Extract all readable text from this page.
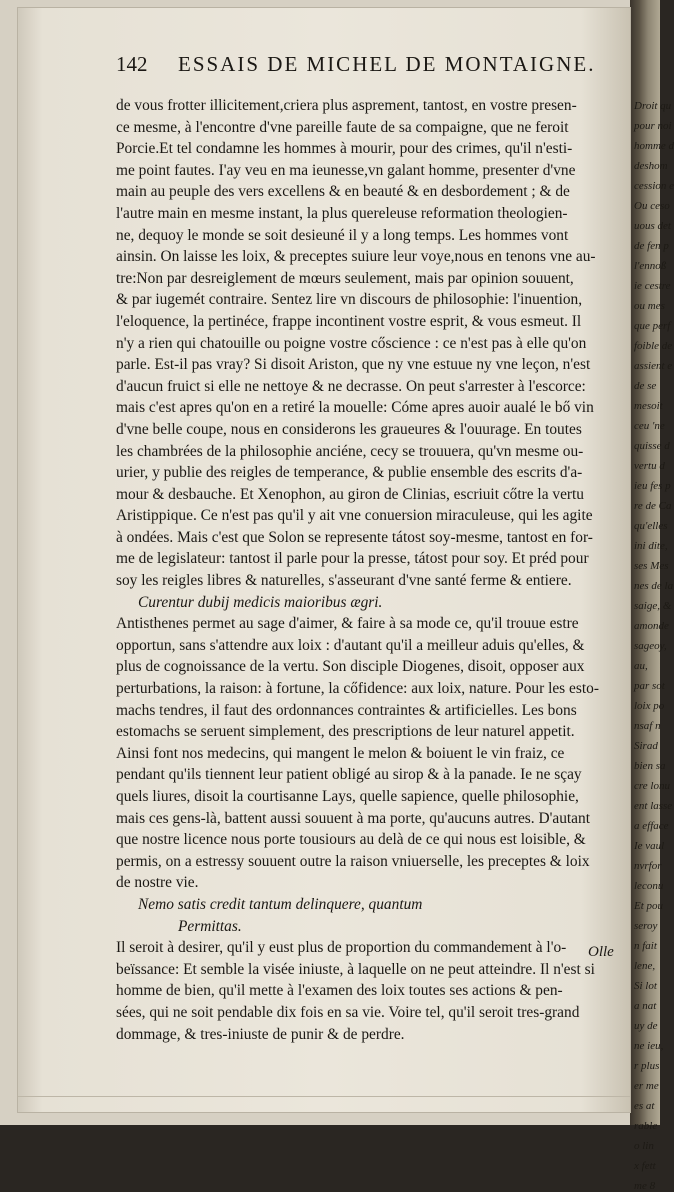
Droit qu
pour noi
homme d
deshom
cession e
Ou ceso
uous det
de fen p
l'ennoß
ie cestre
ou mes
que perf
foible de
assient e
de se
mesoit
ceu 'ne
quisse d
vertu d
ieu fes p
re de Ca
qu'elles
ini dite,
ses Mes
nes de la
saige, &
amonde
sageoy,
au,
par sot
loix po
nsaf n
Sirad
bien sa
cre lonu
ent lasse
a efface
Ie vaul
nvrfor
leconu
Et pou
seroy
n fait
lene,
Si lot
a nat
uy de
ne ieu,
r plus
er me
es at
rable
o lin
x fett
me 8
142 ESSAIS DE MICHEL DE MONTAIGNE.
de vous frotter illicitement,criera plus asprement, tantost, en vostre presen-
ce mesme, à l'encontre d'vne pareille faute de sa compaigne, que ne feroit
Porcie.Et tel condamne les hommes à mourir, pour des crimes, qu'il n'esti-
me point fautes. I'ay veu en ma ieunesse,vn galant homme, presenter d'vne
main au peuple des vers excellens & en beauté & en desbordement ; & de
l'autre main en mesme instant, la plus quereleuse reformation theologien-
ne, dequoy le monde se soit desieuné il y a long temps. Les hommes vont
ainsin. On laisse les loix, & preceptes suiure leur voye,nous en tenons vne au-
tre:Non par desreiglement de mœurs seulement, mais par opinion souuent,
& par iugemét contraire. Sentez lire vn discours de philosophie: l'inuention,
l'eloquence, la pertinéce, frappe incontinent vostre esprit, & vous esmeut. Il
n'y a rien qui chatouille ou poigne vostre cőscience : ce n'est pas à elle qu'on
parle. Est-il pas vray? Si disoit Ariston, que ny vne estuue ny vne leçon, n'est
d'aucun fruict si elle ne nettoye & ne decrasse. On peut s'arrester à l'escorce:
mais c'est apres qu'on en a retiré la mouelle: Cóme apres auoir aualé le bő vin
d'vne belle coupe, nous en considerons les graueures & l'ouurage. En toutes
les chambrées de la philosophie anciéne, cecy se trouuera, qu'vn mesme ou-
urier, y publie des reigles de temperance, & publie ensemble des escrits d'a-
mour & desbauche. Et Xenophon, au giron de Clinias, escriuit cőtre la vertu
Aristippique. Ce n'est pas qu'il y ait vne conuersion miraculeuse, qui les agite
à ondées. Mais c'est que Solon se represente tátost soy-mesme, tantost en for-
me de legislateur: tantost il parle pour la presse, tátost pour soy. Et préd pour
soy les reigles libres & naturelles, s'asseurant d'vne santé ferme & entiere.
Curentur dubij medicis maioribus ægri.
Antisthenes permet au sage d'aimer, & faire à sa mode ce, qu'il trouue estre
opportun, sans s'attendre aux loix : d'autant qu'il a meilleur aduis qu'elles, &
plus de cognoissance de la vertu. Son disciple Diogenes, disoit, opposer aux
perturbations, la raison: à fortune, la cőfidence: aux loix, nature. Pour les esto-
machs tendres, il faut des ordonnances contraintes & artificielles. Les bons
estomachs se seruent simplement, des prescriptions de leur naturel appetit.
Ainsi font nos medecins, qui mangent le melon & boiuent le vin fraiz, ce
pendant qu'ils tiennent leur patient obligé au sirop & à la panade. Ie ne sçay
quels liures, disoit la courtisanne Lays, quelle sapience, quelle philosophie,
mais ces gens-là, battent aussi souuent à ma porte, qu'aucuns autres. D'autant
que nostre licence nous porte tousiours au delà de ce qui nous est loisible, &
permis, on a estressy souuent outre la raison vniuerselle, les preceptes & loix
de nostre vie.
Nemo satis credit tantum delinquere, quantum
Permittas.
Il seroit à desirer, qu'il y eust plus de proportion du commandement à l'o-
beïssance: Et semble la visée iniuste, à laquelle on ne peut atteindre. Il n'est si
homme de bien, qu'il mette à l'examen des loix toutes ses actions & pen-
sées, qui ne soit pendable dix fois en sa vie. Voire tel, qu'il seroit tres-grand
dommage, & tres-iniuste de punir & de perdre.
Olle
